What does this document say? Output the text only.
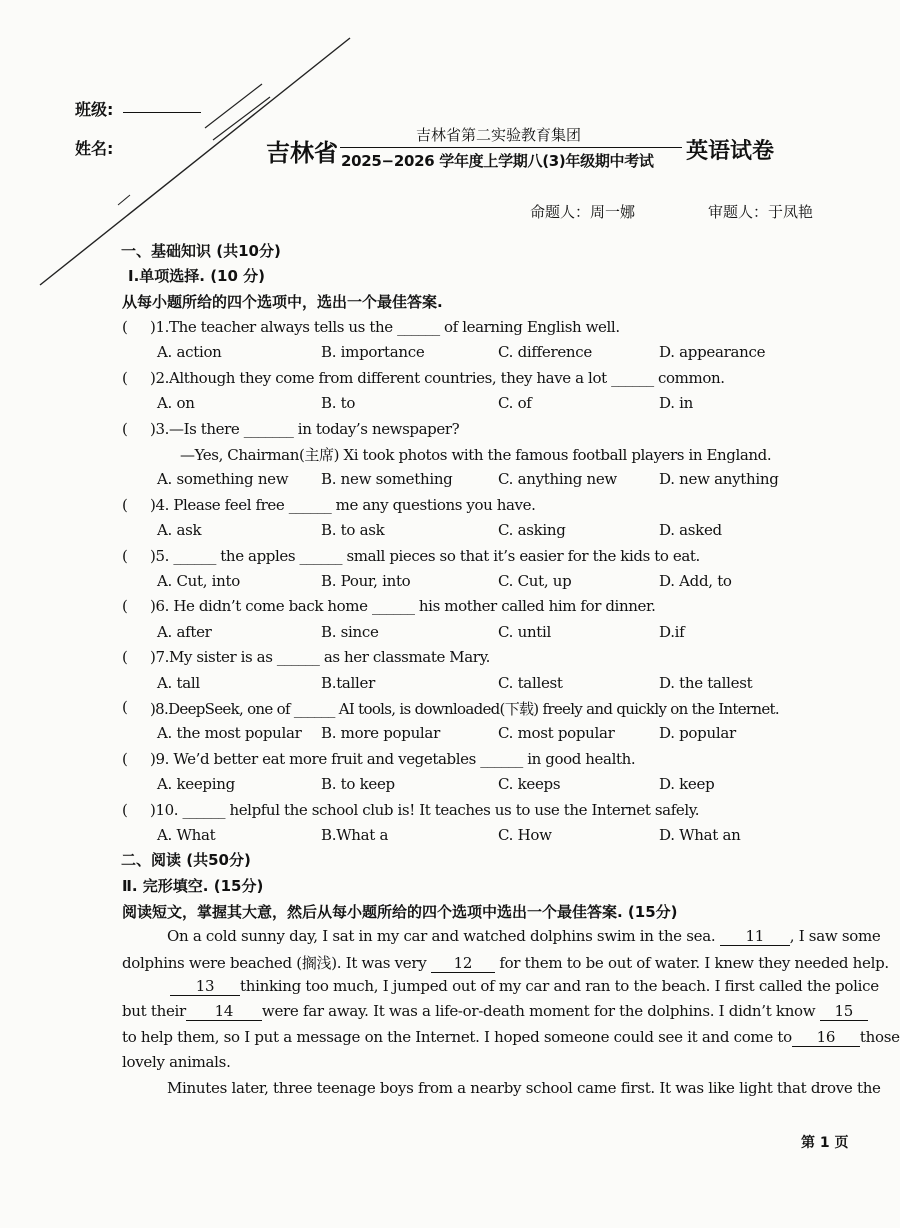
班级:
姓名:	吉林省
吉林省第二实验教育集团
2025−2026 学年度上学期八(3)年级期中考试 英语试卷
命题人：周一娜	审题人：于凤艳
一、基础知识 (共10分)
Ⅰ.单项选择. (10 分)
从每小题所给的四个选项中，选出一个最佳答案.
( )1.The teacher always tells us the ______ of learning English well.
A. action	B. importance	C. difference	D. appearance
( )2.Although they come from different countries, they have a lot ______ common.
A. on	B. to	C. of	D. in
( )3.—Is there _______ in today’s newspaper?
—Yes, Chairman(主席) Xi took photos with the famous football players in England.
A. something new B. new something	C. anything new	D. new anything
( )4. Please feel free ______ me any questions you have.
A. ask	B. to ask	C. asking	D. asked
( )5. ______ the apples ______ small pieces so that it’s easier for the kids to eat.
A. Cut, into	B. Pour, into	C. Cut, up	D. Add, to
( )6. He didn’t come back home ______ his mother called him for dinner.
A. after	B. since	C. until	D.if
( )7.My sister is as ______ as her classmate Mary.
A. tall	B.taller	C. tallest	D. the tallest
( )8.DeepSeek, one of ______ AI tools, is downloaded(下载) freely and quickly on the Internet.
A. the most popular B. more popular	C. most popular	D. popular
( )9. We’d better eat more fruit and vegetables ______ in good health.
A. keeping	B. to keep	C. keeps	D. keep
( )10. ______ helpful the school club is! It teaches us to use the Internet safely.
A. What	B.What a	C. How	D. What an
二、阅读 (共50分)
Ⅱ. 完形填空. (15分)
阅读短文，掌握其大意，然后从每小题所给的四个选项中选出一个最佳答案. (15分)
On a cold sunny day, I sat in my car and watched dolphins swim in the sea. 11 , I saw some
dolphins were beached (搁浅). It was very 12 for them to be out of water. I knew they needed help.
13 thinking too much, I jumped out of my car and ran to the beach. I first called the police
but their 14 were far away. It was a life-or-death moment for the dolphins. I didn’t know 15
to help them, so I put a message on the Internet. I hoped someone could see it and come to 16 those
lovely animals.
Minutes later, three teenage boys from a nearby school came first. It was like light that drove the
第 1 页
